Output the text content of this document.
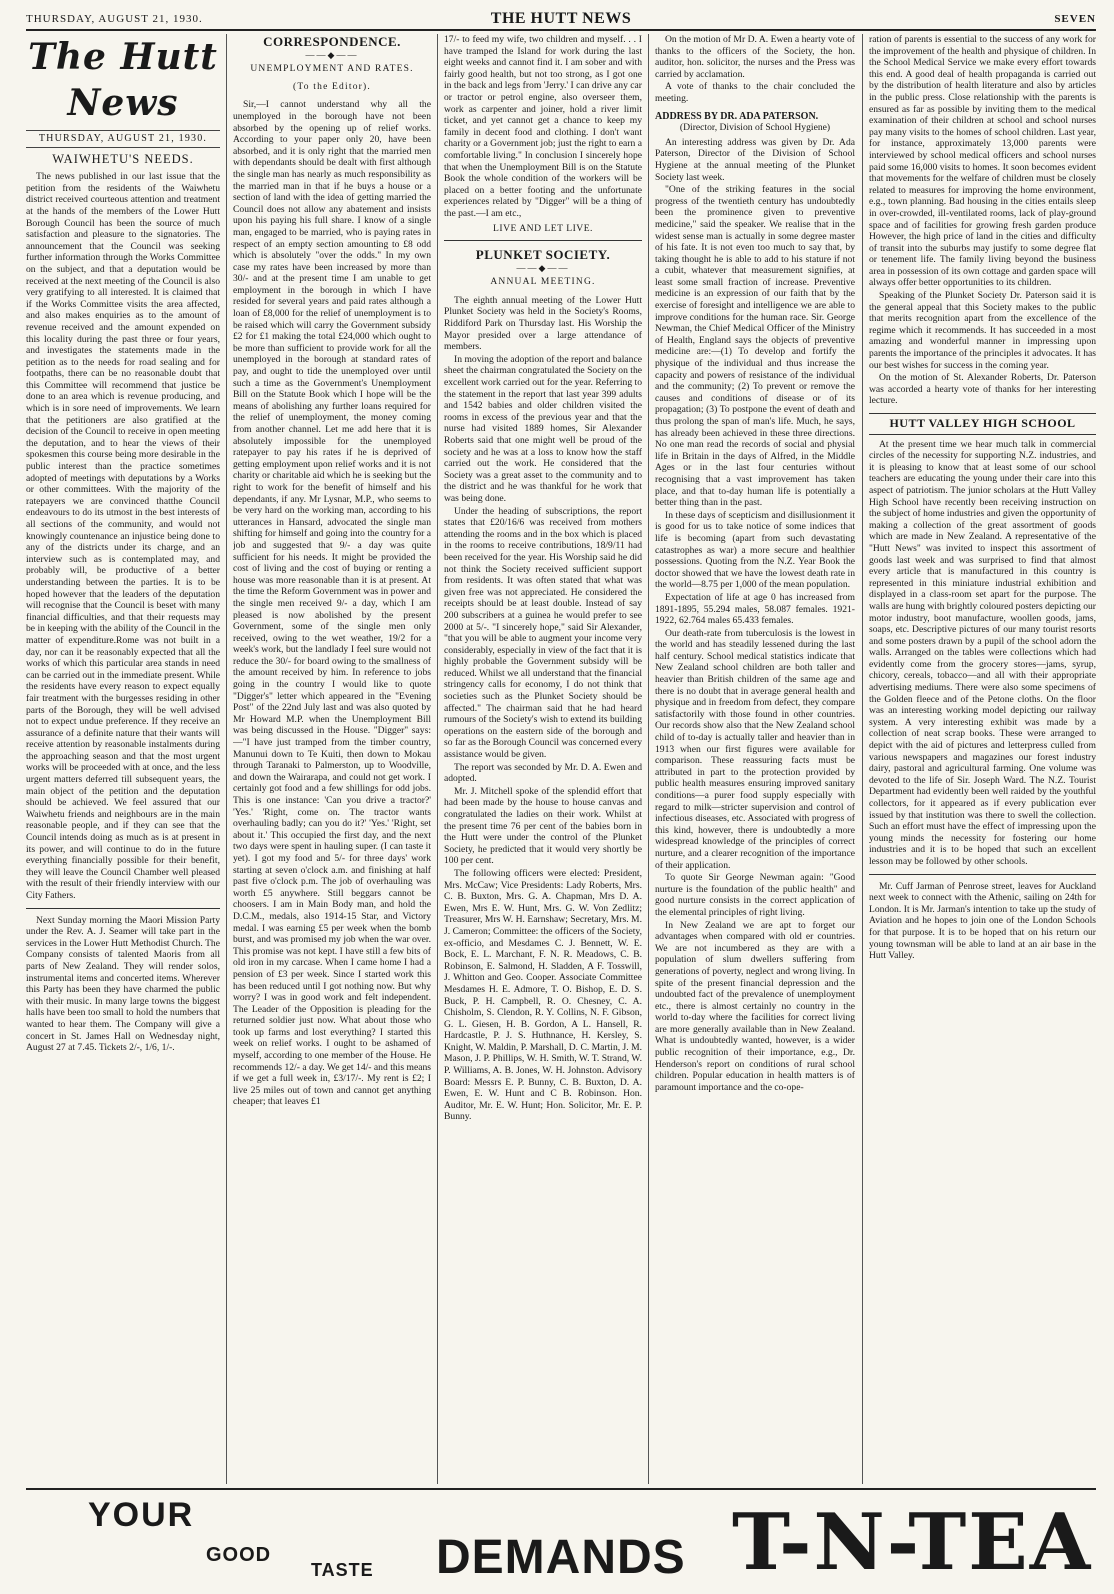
THURSDAY, AUGUST 21, 1930.	THE HUTT NEWS	SEVEN
The Hutt News
THURSDAY, AUGUST 21, 1930.
WAIWHETU'S NEEDS.

The news published in our last issue that the petition from the residents of the Waiwhetu district received courteous attention and treatment at the hands of the members of the Lower Hutt Borough Council has been the source of much satisfaction and pleasure to the signatories. The announcement that the Council was seeking further information through the Works Committee on the subject, and that a deputation would be received at the next meeting of the Council is also very gratifying to all interested. It is claimed that if the Works Committee visits the area affected, and also makes enquiries as to the amount of revenue received and the amount expended on this locality during the past three or four years, and investigates the statements made in the petition as to the needs for road sealing and for footpaths, there can be no reasonable doubt that this Committee will recommend that justice be done to an area which is revenue producing, and which is in sore need of improvements. We learn that the petitioners are also gratified at the decision of the Council to receive in open meeting the deputation, and to hear the views of their spokesmen this course being more desirable in the public interest than the practice sometimes adopted of meetings with deputations by a Works or other committees. With the majority of the ratepayers we are convinced thatthe Council endeavours to do its utmost in the best interests of all sections of the community, and would not knowingly countenance an injustice being done to any of the districts under its charge, and an interview such as is contemplated may, and probably will, be productive of a better understanding between the parties. It is to be hoped however that the leaders of the deputation will recognise that the Council is beset with many financial difficulties, and that their requests may be in keeping with the ability of the Council in the matter of expenditure.Rome was not built in a day, nor can it be reasonably expected that all the works of which this particular area stands in need can be carried out in the immediate present. While the residents have every reason to expect equally fair treatment with the burgesses residing in other parts of the Borough, they will be well advised not to expect undue preference. If they receive an assurance of a definite nature that their wants will receive attention by reasonable instalments during the approaching season and that the most urgent works will be proceeded with at once, and the less urgent matters deferred till subsequent years, the main object of the petition and the deputation should be achieved. We feel assured that our Waiwhetu friends and neighbours are in the main reasonable people, and if they can see that the Council intends doing as much as is at present in its power, and will continue to do in the future everything financially possible for their benefit, they will leave the Council Chamber well pleased with the result of their friendly interview with our City Fathers.

Next Sunday morning the Maori Mission Party under the Rev. A. J. Seamer will take part in the services in the Lower Hutt Methodist Church. The Company consists of talented Maoris from all parts of New Zealand. They will render solos, instrumental items and concerted items. Wherever this Party has been they have charmed the public with their music. In many large towns the biggest halls have been too small to hold the numbers that wanted to hear them. The Company will give a concert in St. James Hall on Wednesday night, August 27 at 7.45. Tickets 2/-, 1/6, 1/-.

CORRESPONDENCE.
——◆——
UNEMPLOYMENT AND RATES.
(To the Editor).

Sir,—I cannot understand why all the unemployed in the borough have not been absorbed by the opening up of relief works. According to your paper only 20, have been absorbed, and it is only right that the married men with dependants should be dealt with first although the single man has nearly as much responsibility as the married man in that if he buys a house or a section of land with the idea of getting married the Council does not allow any abatement and insists upon his paying his full share. I know of a single man, engaged to be married, who is paying rates in respect of an empty section amounting to £8 odd which is absolutely "over the odds." In my own case my rates have been increased by more than 30/- and at the present time I am unable to get employment in the borough in which I have resided for several years and paid rates although a loan of £8,000 for the relief of unemployment is to be raised which will carry the Government subsidy £2 for £1 making the total £24,000 which ought to be more than sufficient to provide work for all the unemployed in the borough at standard rates of pay, and ought to tide the unemployed over until such a time as the Government's Unemployment Bill on the Statute Book which I hope will be the means of abolishing any further loans required for the relief of unemployment, the money coming from another channel. Let me add here that it is absolutely impossible for the unemployed ratepayer to pay his rates if he is deprived of getting employment upon relief works and it is not charity or charitable aid which he is seeking but the right to work for the benefit of himself and his dependants, if any. Mr Lysnar, M.P., who seems to be very hard on the working man, according to his utterances in Hansard, advocated the single man shifting for himself and going into the country for a job and suggested that 9/- a day was quite sufficient for his needs. It might be provided the cost of living and the cost of buying or renting a house was more reasonable than it is at present. At the time the Reform Government was in power and the single men received 9/- a day, which I am pleased is now abolished by the present Government, some of the single men only received, owing to the wet weather, 19/2 for a week's work, but the landlady I feel sure would not reduce the 30/- for board owing to the smallness of the amount received by him. In reference to jobs going in the country I would like to quote "Digger's" letter which appeared in the "Evening Post" of the 22nd July last and was also quoted by Mr Howard M.P. when the Unemployment Bill was being discussed in the House. "Digger" says:—"I have just tramped from the timber country, Manunui down to Te Kuiti, then down to Mokau through Taranaki to Palmerston, up to Woodville, and down the Wairarapa, and could not get work. I certainly got food and a few shillings for odd jobs. This is one instance: 'Can you drive a tractor?' 'Yes.' 'Right, come on. The tractor wants overhauling badly; can you do it?' 'Yes.' 'Right, set about it.' This occupied the first day, and the next two days were spent in hauling super. (I can taste it yet). I got my food and 5/- for three days' work starting at seven o'clock a.m. and finishing at half past five o'clock p.m. The job of overhauling was worth £5 anywhere. Still beggars cannot be choosers. I am in Main Body man, and hold the D.C.M., medals, also 1914-15 Star, and Victory medal. I was earning £5 per week when the bomb burst, and was promised my job when the war over. This promise was not kept. I have still a few bits of old iron in my carcase. When I came home I had a pension of £3 per week. Since I started work this has been reduced until I got nothing now. But why worry? I was in good work and felt independent. The Leader of the Opposition is pleading for the returned soldier just now. What about those who took up farms and lost everything? I started this week on relief works. I ought to be ashamed of myself, according to one member of the House. He recommends 12/- a day. We get 14/- and this means if we get a full week in, £3/17/-. My rent is £2; I live 25 miles out of town and cannot get anything cheaper; that leaves £1

17/- to feed my wife, two children and myself. . . I have tramped the Island for work during the last eight weeks and cannot find it. I am sober and with fairly good health, but not too strong, as I got one in the back and legs from 'Jerry.' I can drive any car or tractor or petrol engine, also overseer them, work as carpenter and joiner, hold a river limit ticket, and yet cannot get a chance to keep my family in decent food and clothing. I don't want charity or a Government job; just the right to earn a comfortable living." In conclusion I sincerely hope that when the Unemployment Bill is on the Statute Book the whole condition of the workers will be placed on a better footing and the unfortunate experiences related by "Digger" will be a thing of the past.—I am etc.,

LIVE AND LET LIVE.
PLUNKET SOCIETY.
——◆——
ANNUAL MEETING.

The eighth annual meeting of the Lower Hutt Plunket Society was held in the Society's Rooms, Riddiford Park on Thursday last. His Worship the Mayor presided over a large attendance of members.

In moving the adoption of the report and balance sheet the chairman congratulated the Society on the excellent work carried out for the year. Referring to the statement in the report that last year 399 adults and 1542 babies and older children visited the rooms in excess of the previous year and that the nurse had visited 1889 homes, Sir Alexander Roberts said that one might well be proud of the society and he was at a loss to know how the staff carried out the work. He considered that the Society was a great asset to the community and to the district and he was thankful for he work that was being done.

Under the heading of subscriptions, the report states that £20/16/6 was received from mothers attending the rooms and in the box which is placed in the rooms to receive contributions, 18/9/11 had been received for the year. His Worship said he did not think the Society received sufficient support from residents. It was often stated that what was given free was not appreciated. He considered the receipts should be at least double. Instead of say 200 subscribers at a guinea he would prefer to see 2000 at 5/-. "I sincerely hope," said Sir Alexander, "that you will be able to augment your income very considerably, especially in view of the fact that it is highly probable the Government subsidy will be reduced. Whilst we all understand that the financial stringency calls for economy, I do not think that societies such as the Plunket Society should be affected." The chairman said that he had heard rumours of the Society's wish to extend its building operations on the eastern side of the borough and so far as the Borough Council was concerned every assistance would be given.

The report was seconded by Mr. D. A. Ewen and adopted.

Mr. J. Mitchell spoke of the splendid effort that had been made by the house to house canvas and congratulated the ladies on their work. Whilst at the present time 76 per cent of the babies born in the Hutt were under the control of the Plunket Society, he predicted that it would very shortly be 100 per cent.

The following officers were elected: President, Mrs. McCaw; Vice Presidents: Lady Roberts, Mrs. C. B. Buxton, Mrs. G. A. Chapman, Mrs D. A. Ewen, Mrs E. W. Hunt, Mrs. G. W. Von Zedlitz; Treasurer, Mrs W. H. Earnshaw; Secretary, Mrs. M. J. Cameron; Committee: the officers of the Society, ex-officio, and Mesdames C. J. Bennett, W. E. Bock, E. L. Marchant, F. N. R. Meadows, C. B. Robinson, E. Salmond, H. Sladden, A F. Tosswill, J. Whitton and Geo. Cooper. Associate Committee Mesdames H. E. Admore, T. O. Bishop, E. D. S. Buck, P. H. Campbell, R. O. Chesney, C. A. Chisholm, S. Clendon, R. Y. Collins, N. F. Gibson, G. L. Giesen, H. B. Gordon, A L. Hansell, R. Hardcastle, P. J. S. Huthnance, H. Kersley, S. Knight, W. Maldin, P. Marshall, D. C. Martin, J. M. Mason, J. P. Phillips, W. H. Smith, W. T. Strand, W. P. Williams, A. B. Jones, W. H. Johnston. Advisory Board: Messrs E. P. Bunny, C. B. Buxton, D. A. Ewen, E. W. Hunt and C B. Robinson. Hon. Auditor, Mr. E. W. Hunt; Hon. Solicitor, Mr. E. P. Bunny.

On the motion of Mr D. A. Ewen a hearty vote of thanks to the officers of the Society, the hon. auditor, hon. solicitor, the nurses and the Press was carried by acclamation.

A vote of thanks to the chair concluded the meeting.

ADDRESS BY DR. ADA PATERSON.
(Director, Division of School Hygiene)

An interesting address was given by Dr. Ada Paterson, Director of the Division of School Hygiene at the annual meeting of the Plunket Society last week.

"One of the striking features in the social progress of the twentieth century has undoubtedly been the prominence given to preventive medicine," said the speaker. We realise that in the widest sense man is actually in some degree master of his fate. It is not even too much to say that, by taking thought he is able to add to his stature if not a cubit, whatever that measurement signifies, at least some small fraction of increase. Preventive medicine is an expression of our faith that by the exercise of foresight and intelligence we are able to improve conditions for the human race. Sir. George Newman, the Chief Medical Officer of the Ministry of Health, England says the objects of preventive medicine are:—(1) To develop and fortify the physique of the individual and thus increase the capacity and powers of resistance of the individual and the community; (2) To prevent or remove the causes and conditions of disease or of its propagation; (3) To postpone the event of death and thus prolong the span of man's life. Much, he says, has already been achieved in these three directions. No one man read the records of social and physial life in Britain in the days of Alfred, in the Middle Ages or in the last four centuries without recognising that a vast improvement has taken place, and that to-day human life is potentially a better thing than in the past.

In these days of scepticism and disillusionment it is good for us to take notice of some indices that life is becoming (apart from such devastating catastrophes as war) a more secure and healthier possessions. Quoting from the N.Z. Year Book the doctor showed that we have the lowest death rate in the world—8.75 per 1,000 of the mean population.

Expectation of life at age 0 has increased from 1891-1895, 55.294 males, 58.087 females. 1921-1922, 62.764 males 65.433 females.

Our death-rate from tuberculosis is the lowest in the world and has steadily lessened during the last half century. School medical statistics indicate that New Zealand school children are both taller and heavier than British children of the same age and there is no doubt that in average general health and physique and in freedom from defect, they compare satisfactorily with those found in other countries. Our records show also that the New Zealand school child of to-day is actually taller and heavier than in 1913 when our first figures were available for comparison. These reassuring facts must be attributed in part to the protection provided by public health measures ensuring improved sanitary conditions—a purer food supply especially with regard to milk—stricter supervision and control of infectious diseases, etc. Associated with progress of this kind, however, there is undoubtedly a more widespread knowledge of the principles of correct nurture, and a clearer recognition of the importance of their application.

To quote Sir George Newman again: "Good nurture is the foundation of the public health" and good nurture consists in the correct application of the elemental principles of right living.

In New Zealand we are apt to forget our advantages when compared with old er countries. We are not incumbered as they are with a population of slum dwellers suffering from generations of poverty, neglect and wrong living. In spite of the present financial depression and the undoubted fact of the prevalence of unemployment etc., there is almost certainly no country in the world to-day where the facilities for correct living are more generally available than in New Zealand. What is undoubtedly wanted, however, is a wider public recognition of their importance, e.g., Dr. Henderson's report on conditions of rural school children. Popular education in health matters is of paramount importance and the co-ope-

ration of parents is essential to the success of any work for the improvement of the health and physique of children. In the School Medical Service we make every effort towards this end. A good deal of health propaganda is carried out by the distribution of health literature and also by articles in the public press. Close relationship with the parents is ensured as far as possible by inviting them to the medical examination of their children at school and school nurses pay many visits to the homes of school children. Last year, for instance, approximately 13,000 parents were interviewed by school medical officers and school nurses paid some 16,000 visits to homes. It soon becomes evident that movements for the welfare of children must be closely related to measures for improving the home environment, e.g., town planning. Bad housing in the cities entails sleep in over-crowded, ill-ventilated rooms, lack of play-ground space and of facilities for growing fresh garden produce However, the high price of land in the cities and difficulty of transit into the suburbs may justify to some degree flat or tenement life. The family living beyond the business area in possession of its own cottage and garden space will always offer better opportunities to its children.

Speaking of the Plunket Society Dr. Paterson said it is the general appeal that this Society makes to the public that merits recognition apart from the excellence of the regime which it recommends. It has succeeded in a most amazing and wonderful manner in impressing upon parents the importance of the principles it advocates. It has our best wishes for success in the coming year.

On the motion of St. Alexander Roberts, Dr. Paterson was accorded a hearty vote of thanks for her interesting lecture.

HUTT VALLEY HIGH SCHOOL

At the present time we hear much talk in commercial circles of the necessity for supporting N.Z. industries, and it is pleasing to know that at least some of our school teachers are educating the young under their care into this aspect of patriotism. The junior scholars at the Hutt Valley High School have recently been receiving instruction on the subject of home industries and given the opportunity of making a collection of the great assortment of goods which are made in New Zealand. A representative of the "Hutt News" was invited to inspect this assortment of goods last week and was surprised to find that almost every article that is manufactured in this country is represented in this miniature industrial exhibition and displayed in a class-room set apart for the purpose. The walls are hung with brightly coloured posters depicting our motor industry, boot manufacture, woollen goods, jams, soaps, etc. Descriptive pictures of our many tourist resorts and some posters drawn by a pupil of the school adorn the walls. Arranged on the tables were collections which had evidently come from the grocery stores—jams, syrup, chicory, cereals, tobacco—and all with their appropriate advertising mediums. There were also some specimens of the Golden fleece and of the Petone cloths. On the floor was an interesting working model depicting our railway system. A very interesting exhibit was made by a collection of neat scrap books. These were arranged to depict with the aid of pictures and letterpress culled from various newspapers and magazines our forest industry dairy, pastoral and agricultural farming. One volume was devoted to the life of Sir. Joseph Ward. The N.Z. Tourist Department had evidently been well raided by the youthful collectors, for it appeared as if every publication ever issued by that institution was there to swell the collection. Such an effort must have the effect of impressing upon the young minds the necessity for fostering our home industries and it is to be hoped that such an excellent lesson may be followed by other schools.

Mr. Cuff Jarman of Penrose street, leaves for Auckland next week to connect with the Athenic, sailing on 24th for London. It is Mr. Jarman's intention to take up the study of Aviation and he hopes to join one of the London Schools for that purpose. It is to be hoped that on his return our young townsman will be able to land at an air base in the Hutt Valley.

YOUR
GOOD
TASTE DEMANDS T-N-TEA
